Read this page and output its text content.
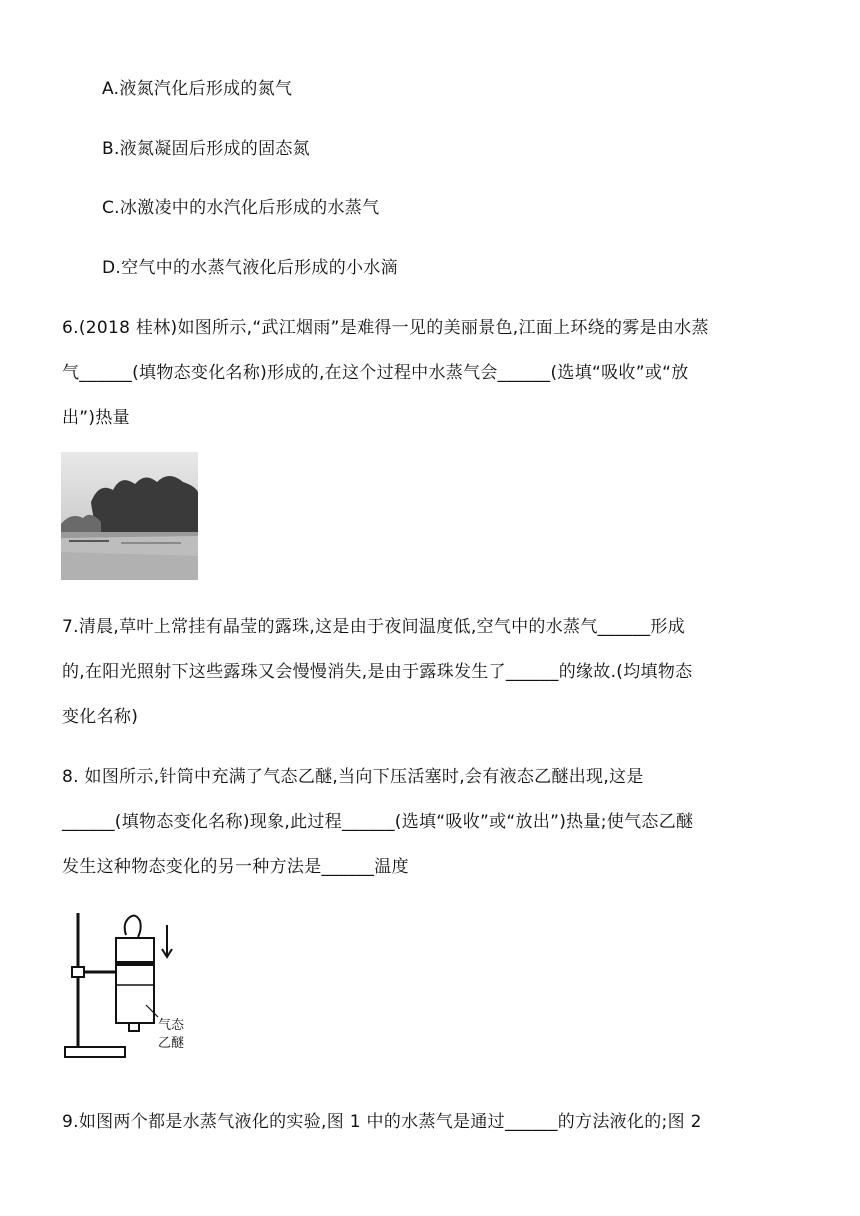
A.液氮汽化后形成的氮气
B.液氮凝固后形成的固态氮
C.冰激凌中的水汽化后形成的水蒸气
D.空气中的水蒸气液化后形成的小水滴
6.(2018 桂林)如图所示,“武江烟雨”是难得一见的美丽景色,江面上环绕的雾是由水蒸
气______(填物态变化名称)形成的,在这个过程中水蒸气会______(选填“吸收”或“放
出”)热量
7.清晨,草叶上常挂有晶莹的露珠,这是由于夜间温度低,空气中的水蒸气______形成
的,在阳光照射下这些露珠又会慢慢消失,是由于露珠发生了______的缘故.(均填物态
变化名称)
8. 如图所示,针筒中充满了气态乙醚,当向下压活塞时,会有液态乙醚出现,这是
______(填物态变化名称)现象,此过程______(选填“吸收”或“放出”)热量;使气态乙醚
发生这种物态变化的另一种方法是______温度
气态
乙醚
9.如图两个都是水蒸气液化的实验,图 1 中的水蒸气是通过______的方法液化的;图 2
